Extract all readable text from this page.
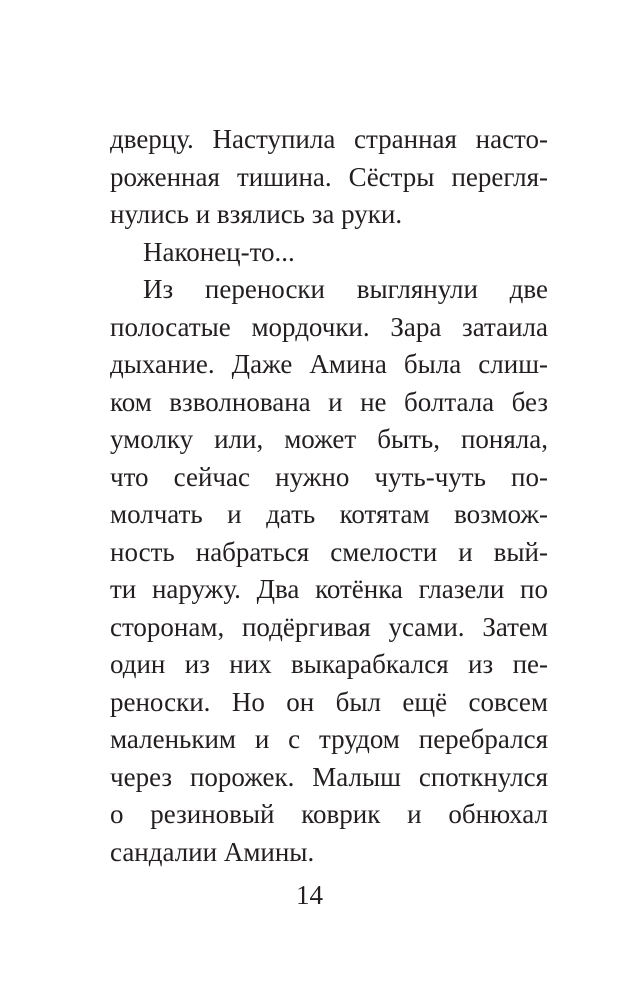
дверцу. Наступила странная насто-
роженная тишина. Сёстры перегля-
нулись и взялись за руки.
Наконец-то...
Из переноски выглянули две
полосатые мордочки. Зара затаила
дыхание. Даже Амина была слиш-
ком взволнована и не болтала без
умолку или, может быть, поняла,
что сейчас нужно чуть-чуть по-
молчать и дать котятам возмож-
ность набраться смелости и вый-
ти наружу. Два котёнка глазели по
сторонам, подёргивая усами. Затем
один из них выкарабкался из пе-
реноски. Но он был ещё совсем
маленьким и с трудом перебрался
через порожек. Малыш споткнулся
о резиновый коврик и обнюхал
сандалии Амины.
14
